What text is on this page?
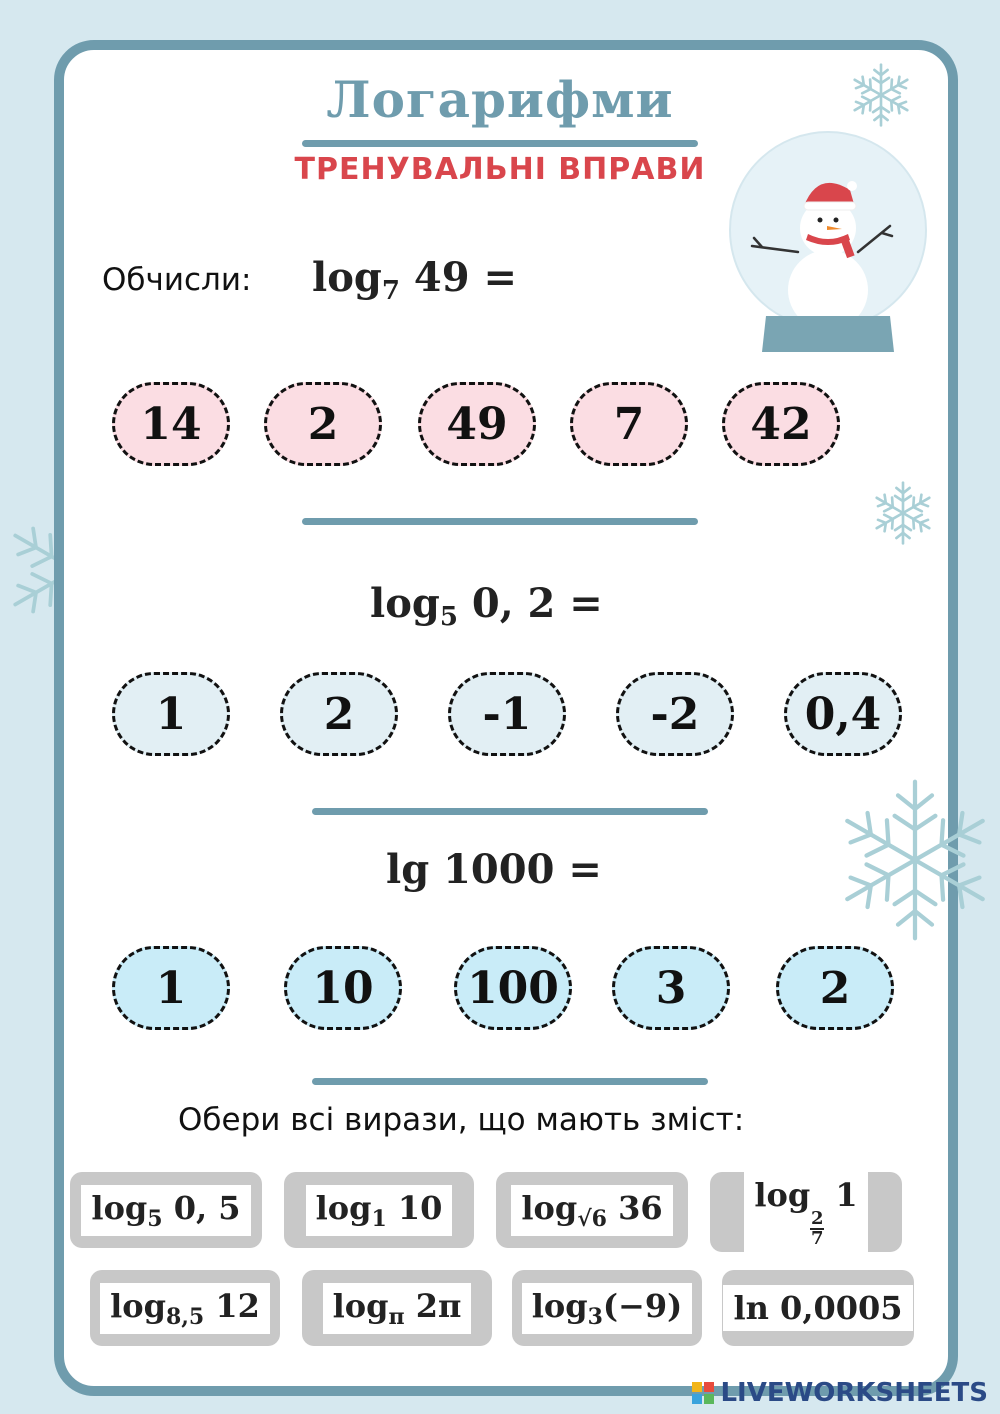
Логарифми
ТРЕНУВАЛЬНІ ВПРАВИ
Обчисли: $\log_7 49$ =
14	2	49	7	42
$\log_5 0$, 2 =
1	2	-1	-2	0,4
lg 1000 =
1	10	100	3	2
Обери всі вирази, що мають зміст:
$\log_5 0$, 5	$\log_1 10$	$\log_{√6} 36$	log
$\frac{2}{7}$
1
$\log_{8,5} 12$	$\log_\pi 2\pi$	$\log_3(-9)$	ln 0,0005
LIVEWORKSHEETS
